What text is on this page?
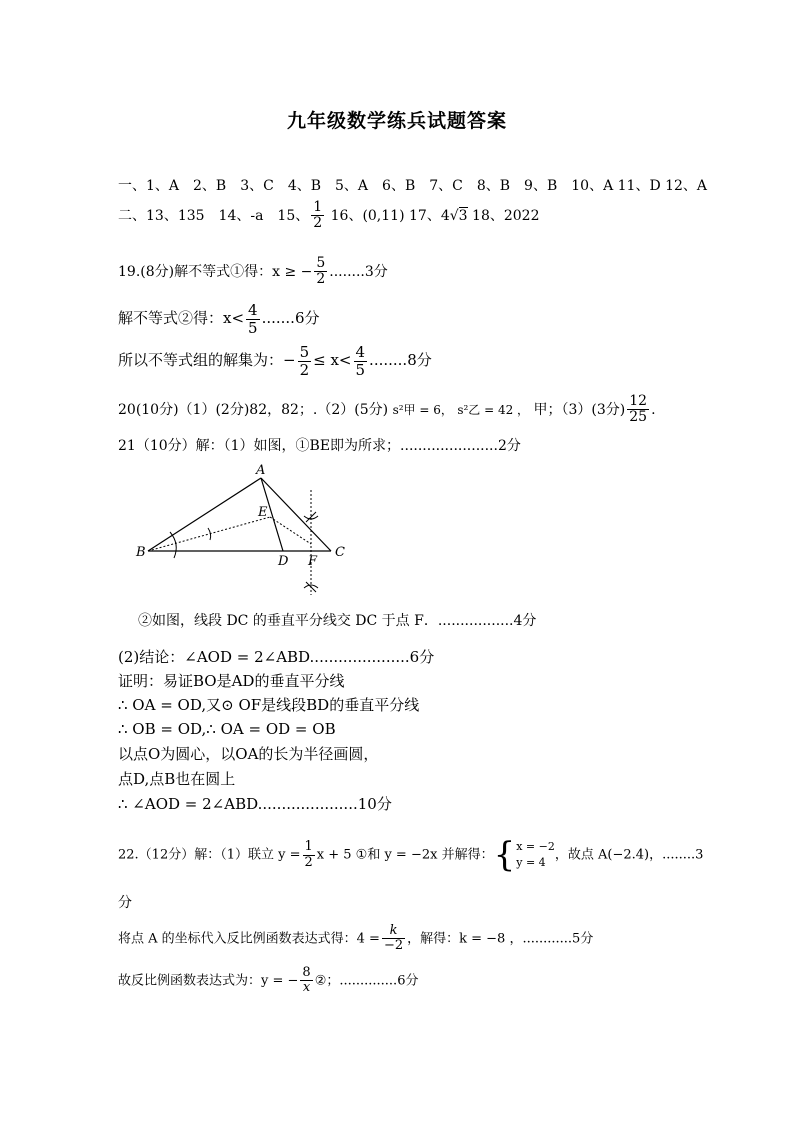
九年级数学练兵试题答案
一、1、A　2、B　3、C　4、B　5、A　6、B　7、C　8、B　9、B　10、A 11、D 12、A
二、13、135　14、-a　15、 $\frac{1}{2} 16$、(0,11) 17、4√3 18、2022
19.(8分)解不等式①得：x ≥ − $\frac{5}{2} ........3$分
解不等式②得：$x< \frac{4}{5} .......6$分
所以不等式组的解集为：− $\frac{5}{2} \le x< \frac{4}{5} ........8$分
20(10分)（1）(2分)82，82；.（2）(5分) s²甲 = 6， s²乙 = 42 ， 甲；（3）(3分) $\frac{12}{25}$ .
21（10分）解：（1）如图，①BE即为所求；......................2分
A
E
B
D F
C
②如图，线段 DC 的垂直平分线交 DC 于点 F．.................4分
(2)结论：∠AOD = 2∠ABD.....................6分
证明：易证BO是AD的垂直平分线
∴ OA = OD,又⊙ OF是线段BD的垂直平分线
∴ OB = OD,∴ OA = OD = OB
以点O为圆心，以OA的长为半径画圆，
点D,点B也在圆上
∴ ∠AOD = 2∠ABD.....................10分
22.（12分）解：（1）联立 $y = \frac{1}{2}$ x + 5 ①和 y = −2x 并解得：{ x = −2
y = 4 ，故点 A(−2.4)，........3
分
将点 A 的坐标代入反比例函数表达式得：$4 = \frac{k}{-2}$ ，解得：k = −8 ，............5分
故反比例函数表达式为：y = − $\frac{8}{x}$ ②；..............6分
